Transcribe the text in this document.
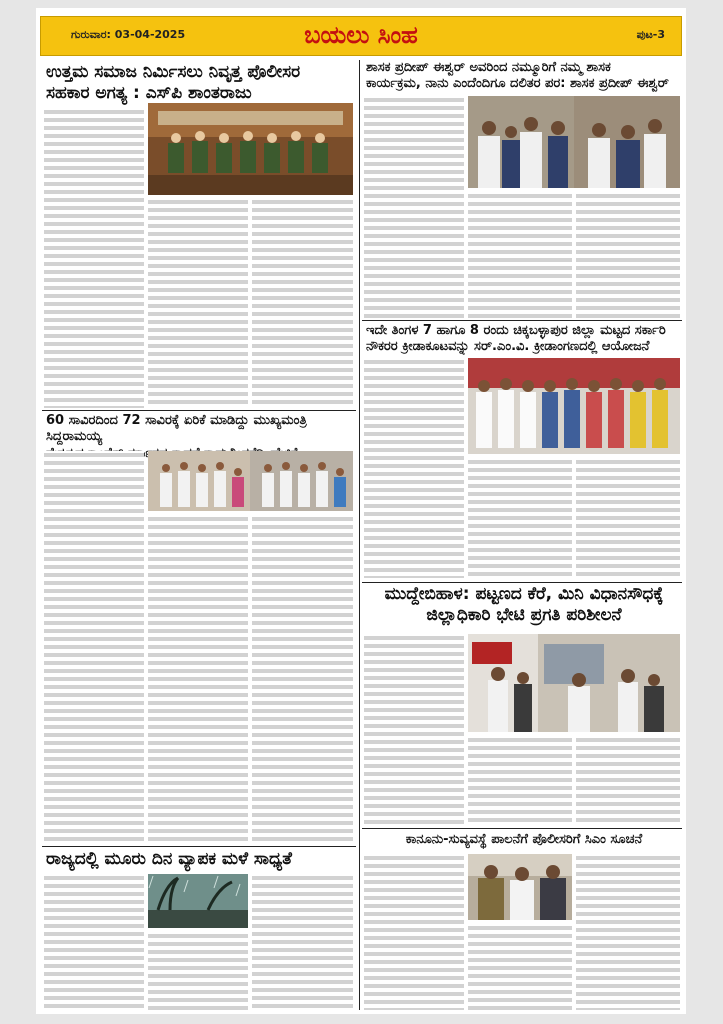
ಗುರುವಾರ: 03-04-2025	ಬಯಲು ಸಿಂಹ	ಪುಟ-3
ಉತ್ತಮ ಸಮಾಜ ನಿರ್ಮಿಸಲು ನಿವೃತ್ತ ಪೊಲೀಸರ
ಸಹಕಾರ ಅಗತ್ಯ : ಎಸ್‌ಪಿ ಶಾಂತರಾಜು
60 ಸಾವಿರದಿಂದ 72 ಸಾವಿರಕ್ಕೆ ಏರಿಕೆ ಮಾಡಿದ್ದು ಮುಖ್ಯಮಂತ್ರಿ ಸಿದ್ದರಾಮಯ್ಯ
ಸರ್ಕಾರದ
ರಾಜ್ಯದಲ್ಲಿ ಮೂರು ದಿನ ವ್ಯಾಪಕ ಮಳೆ ಸಾಧ್ಯತೆ
ಶಾಸಕ ಪ್ರದೀಪ್ ಈಶ್ವರ್ ಅವರಿಂದ ನಮ್ಮೂರಿಗೆ ನಮ್ಮ ಶಾಸಕ
ಕಾರ್ಯಕ್ರಮ, ನಾನು ಎಂದೆಂದಿಗೂ ದಲಿತರ ಪರ: ಶಾಸಕ ಪ್ರದೀಪ್ ಈಶ್ವರ್
ಇದೇ ತಿಂಗಳ 7 ಹಾಗೂ 8 ರಂದು ಚಿಕ್ಕಬಳ್ಳಾಪುರ ಜಿಲ್ಲಾ ಮಟ್ಟದ ಸರ್ಕಾರಿ
ನೌಕರರ ಕ್ರೀಡಾಕೂಟವನ್ನು ಸರ್.ಎಂ.ವಿ. ಕ್ರೀಡಾಂಗಣದಲ್ಲಿ ಆಯೋಜನೆ
ಮುದ್ದೇಬಿಹಾಳ: ಪಟ್ಟಣದ ಕೆರೆ, ಮಿನಿ ವಿಧಾನಸೌಧಕ್ಕೆ
ಜಿಲ್ಲಾಧಿಕಾರಿ ಭೇಟಿ ಪ್ರಗತಿ ಪರಿಶೀಲನೆ
ಕಾನೂನು-ಸುವ್ಯವಸ್ಥೆ ಪಾಲನೆಗೆ ಪೊಲೀಸರಿಗೆ ಸಿಎಂ ಸೂಚನೆ
